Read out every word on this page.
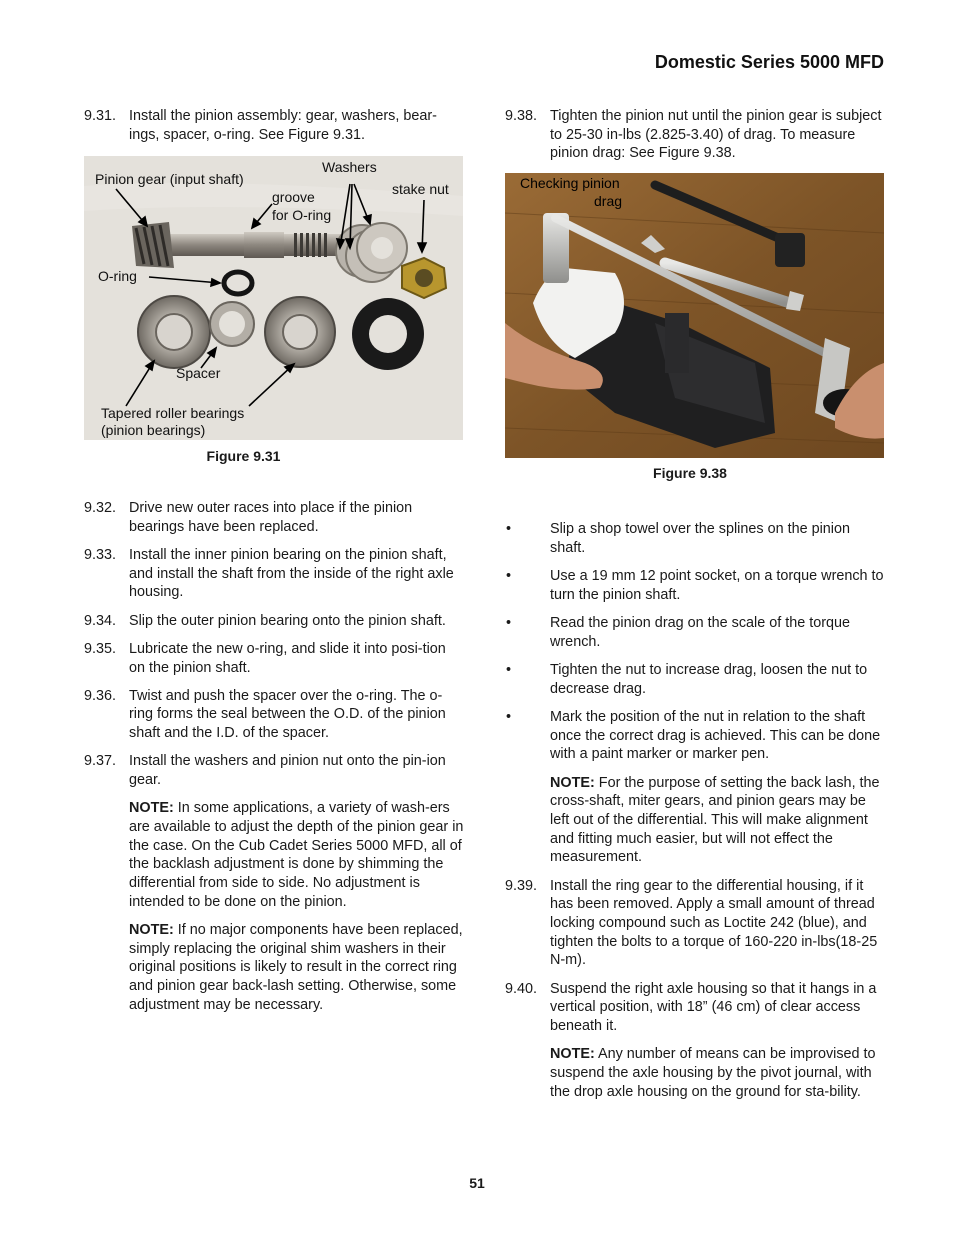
Domestic Series 5000 MFD
9.31. Install the pinion assembly: gear, washers, bear-ings, spacer, o-ring. See Figure 9.31.
Pinion gear (input shaft)
Washers
groove
for O-ring
stake nut
O-ring
Spacer
Tapered roller bearings
(pinion bearings)
Figure 9.31
9.32. Drive new outer races into place if the pinion bearings have been replaced.
9.33. Install the inner pinion bearing on the pinion shaft, and install the shaft from the inside of the right axle housing.
9.34. Slip the outer pinion bearing onto the pinion shaft.
9.35. Lubricate the new o-ring, and slide it into posi-tion on the pinion shaft.
9.36. Twist and push the spacer over the o-ring. The o-ring forms the seal between the O.D. of the pinion shaft and the I.D. of the spacer.
9.37. Install the washers and pinion nut onto the pin-ion gear.
NOTE: In some applications, a variety of wash-ers are available to adjust the depth of the pinion gear in the case. On the Cub Cadet Series 5000 MFD, all of the backlash adjustment is done by shimming the differential from side to side. No adjustment is intended to be done on the pinion.
NOTE: If no major components have been replaced, simply replacing the original shim washers in their original positions is likely to result in the correct ring and pinion gear back-lash setting. Otherwise, some adjustment may be necessary.
9.38. Tighten the pinion nut until the pinion gear is subject to 25-30 in-lbs (2.825-3.40) of drag. To measure pinion drag: See Figure 9.38.
Checking pinion
drag
Figure 9.38
•	Slip a shop towel over the splines on the pinion shaft.
•	Use a 19 mm 12 point socket, on a torque wrench to turn the pinion shaft.
•	Read the pinion drag on the scale of the torque wrench.
•	Tighten the nut to increase drag, loosen the nut to decrease drag.
•	Mark the position of the nut in relation to the shaft once the correct drag is achieved. This can be done with a paint marker or marker pen.
NOTE: For the purpose of setting the back lash, the cross-shaft, miter gears, and pinion gears may be left out of the differential. This will make alignment and fitting much easier, but will not effect the measurement.
9.39. Install the ring gear to the differential housing, if it has been removed. Apply a small amount of thread locking compound such as Loctite 242 (blue), and tighten the bolts to a torque of 160-220 in-lbs(18-25 N-m).
9.40. Suspend the right axle housing so that it hangs in a vertical position, with 18” (46 cm) of clear access beneath it.
NOTE: Any number of means can be improvised to suspend the axle housing by the pivot journal, with the drop axle housing on the ground for sta-bility.
51
